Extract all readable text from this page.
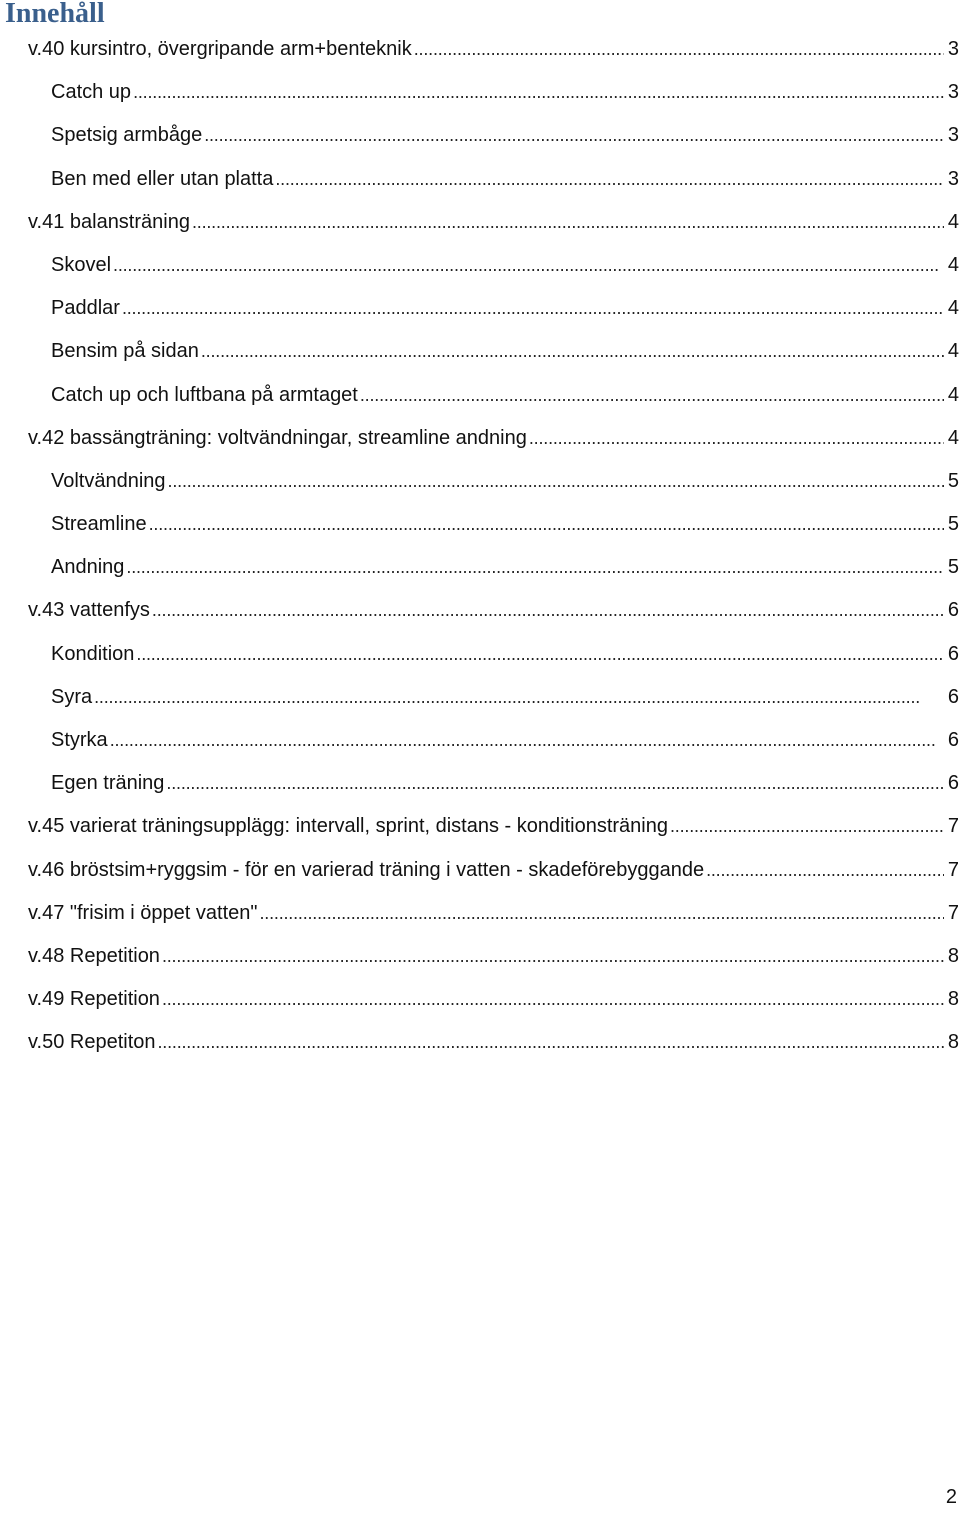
Innehåll
v.40 kursintro, övergripande arm+benteknik . . .	3
Catch up . . .	3
Spetsig armbåge . . .	3
Ben med eller utan platta . . .	3
v.41 balansträning . . .	4
Skovel . . .	4
Paddlar . . .	4
Bensim på sidan . . .	4
Catch up och luftbana på armtaget . . .	4
v.42 bassängträning: voltvändningar, streamline andning . . .	4
Voltvändning . . .	5
Streamline . . .	5
Andning . . .	5
v.43 vattenfys . . .	6
Kondition . . .	6
Syra . . .	6
Styrka . . .	6
Egen träning . . .	6
v.45 varierat träningsupplägg: intervall, sprint, distans - konditionsträning . . .	7
v.46 bröstsim+ryggsim - för en varierad träning i vatten - skadeförebyggande . . .	7
v.47 "frisim i öppet vatten" . . .	7
v.48 Repetition . . .	8
v.49 Repetition . . .	8
v.50 Repetiton . . .	8
2
